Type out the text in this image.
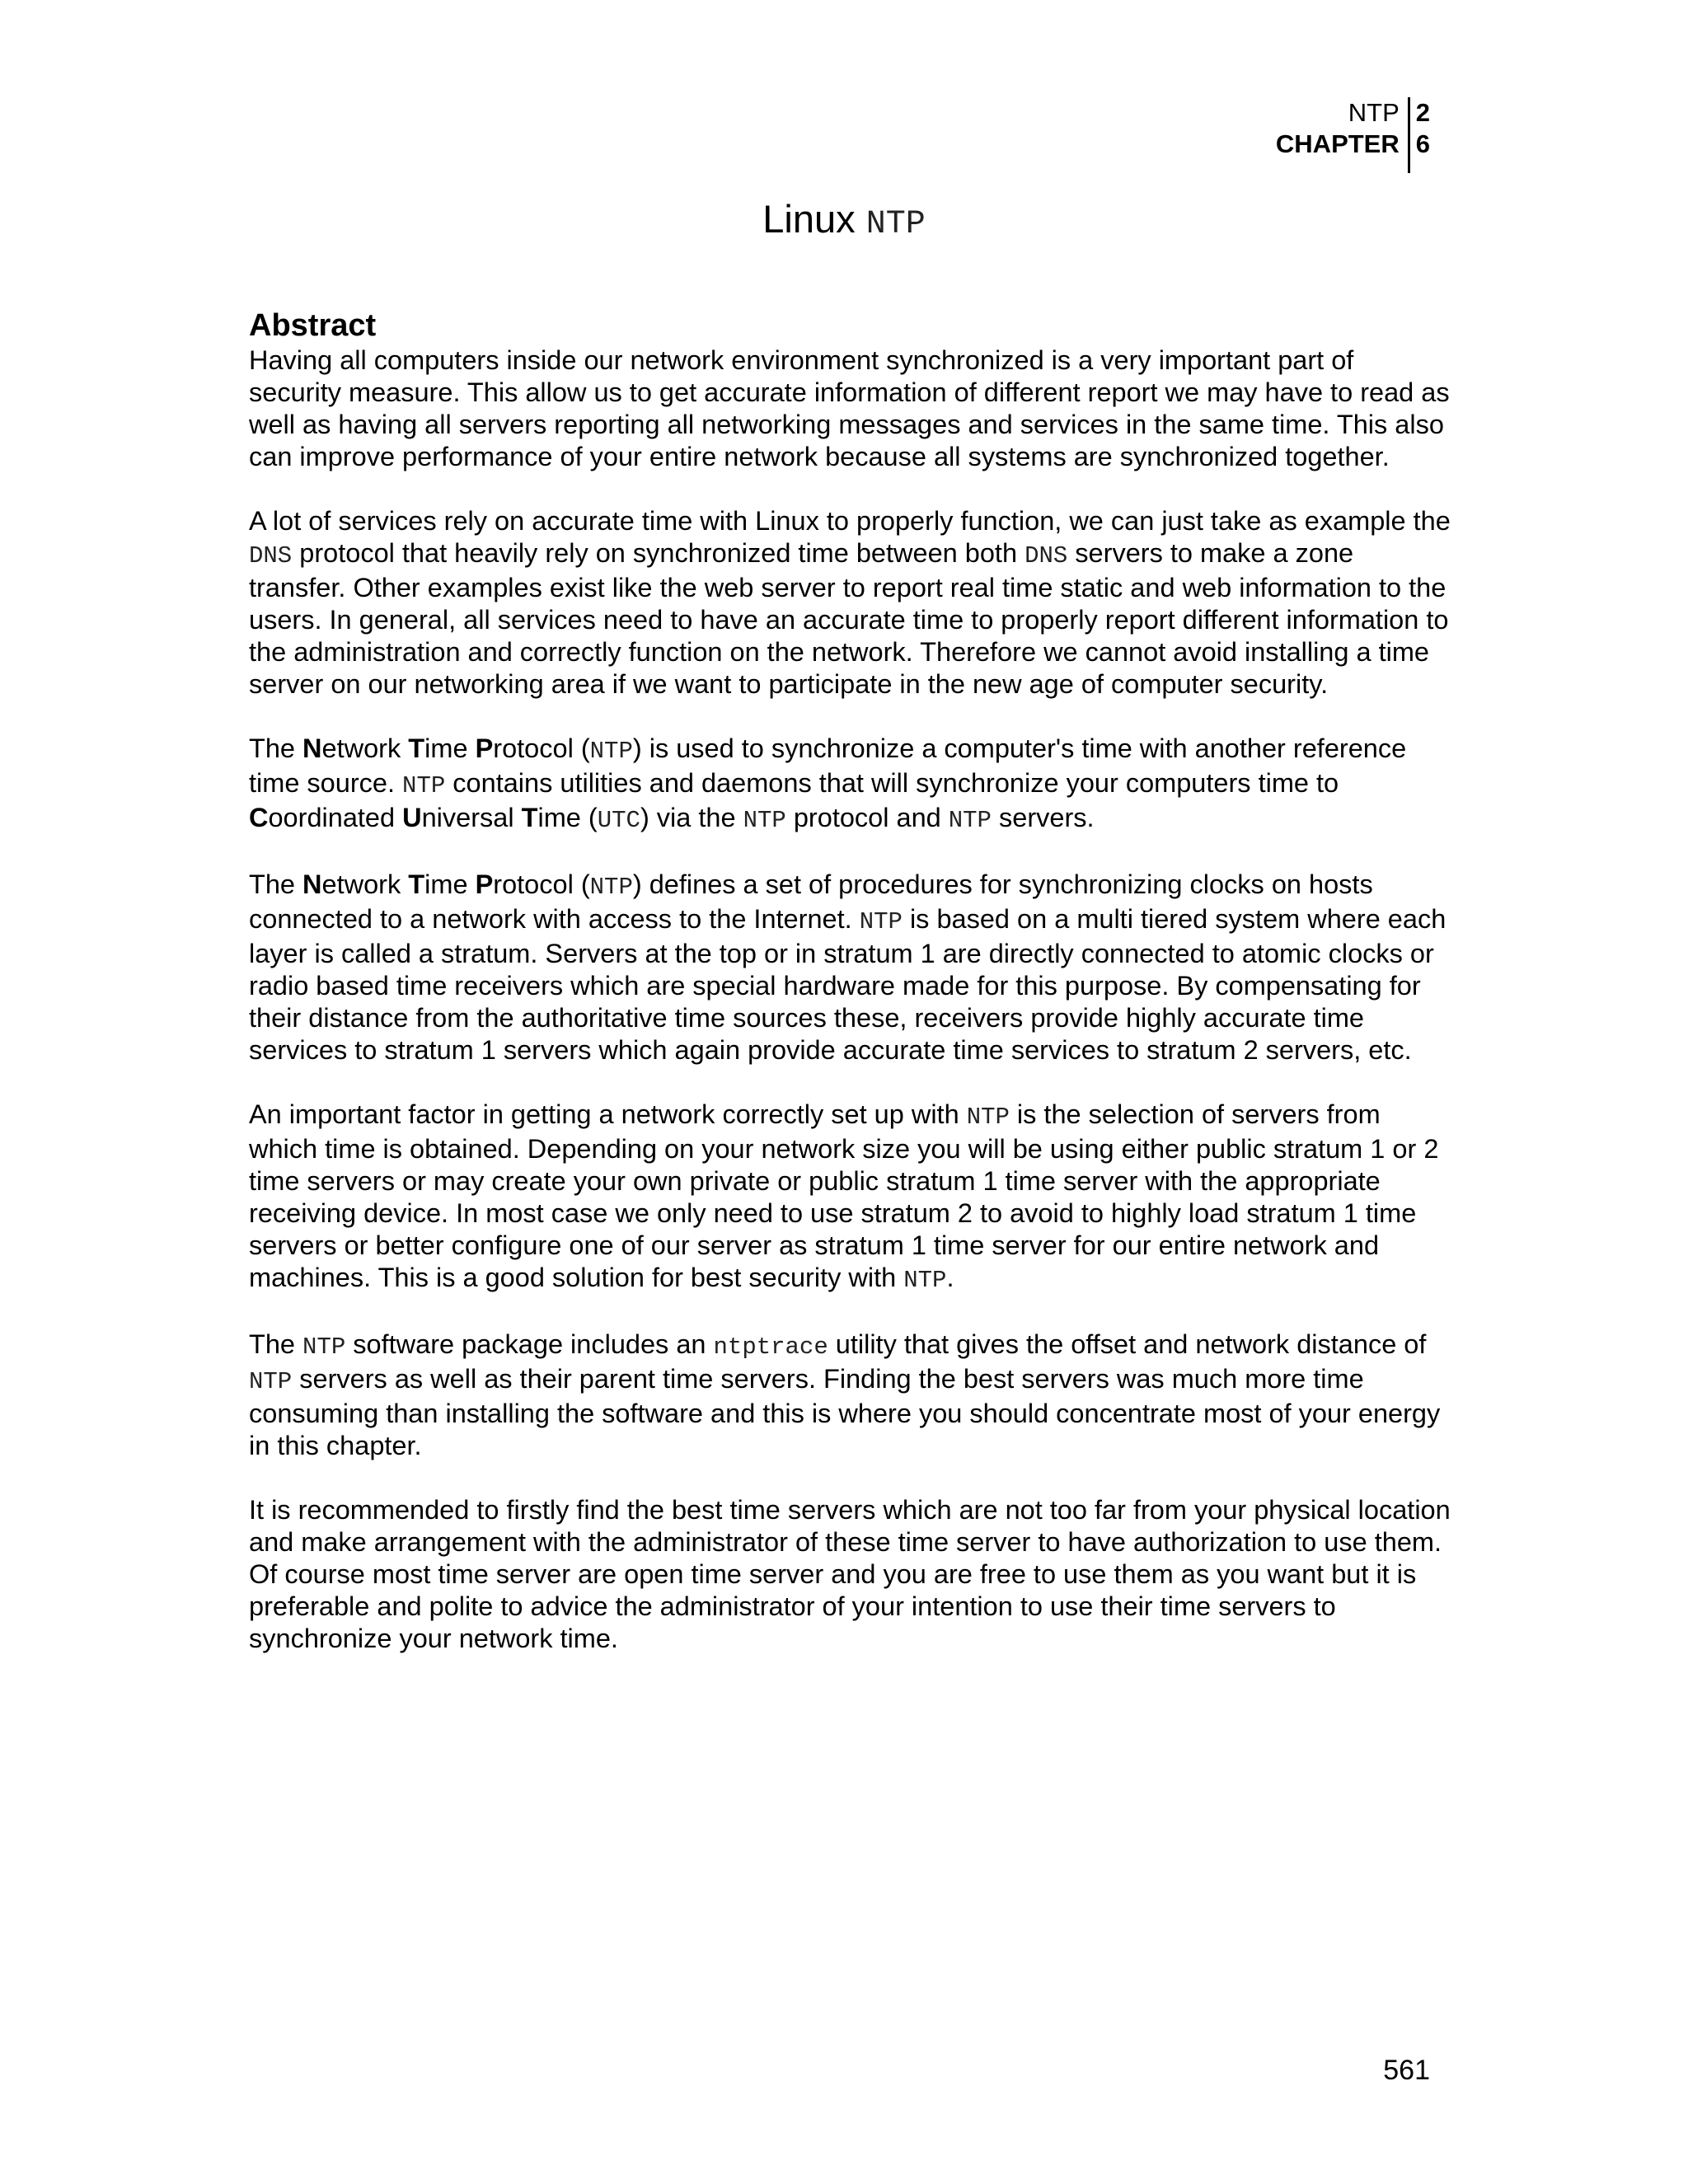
NTP
CHAPTER
2
6
Linux NTP
Abstract

Having all computers inside our network environment synchronized is a very important part of security measure. This allow us to get accurate information of different report we may have to read as well as having all servers reporting all networking messages and services in the same time. This also can improve performance of your entire network because all systems are synchronized together.

A lot of services rely on accurate time with Linux to properly function, we can just take as example the DNS protocol that heavily rely on synchronized time between both DNS servers to make a zone transfer. Other examples exist like the web server to report real time static and web information to the users. In general, all services need to have an accurate time to properly report different information to the administration and correctly function on the network. Therefore we cannot avoid installing a time server on our networking area if we want to participate in the new age of computer security.

The Network Time Protocol (NTP) is used to synchronize a computer's time with another reference time source. NTP contains utilities and daemons that will synchronize your computers time to Coordinated Universal Time (UTC) via the NTP protocol and NTP servers.

The Network Time Protocol (NTP) defines a set of procedures for synchronizing clocks on hosts connected to a network with access to the Internet. NTP is based on a multi tiered system where each layer is called a stratum. Servers at the top or in stratum 1 are directly connected to atomic clocks or radio based time receivers which are special hardware made for this purpose. By compensating for their distance from the authoritative time sources these, receivers provide highly accurate time services to stratum 1 servers which again provide accurate time services to stratum 2 servers, etc.

An important factor in getting a network correctly set up with NTP is the selection of servers from which time is obtained. Depending on your network size you will be using either public stratum 1 or 2 time servers or may create your own private or public stratum 1 time server with the appropriate receiving device. In most case we only need to use stratum 2 to avoid to highly load stratum 1 time servers or better configure one of our server as stratum 1 time server for our entire network and machines. This is a good solution for best security with NTP.

The NTP software package includes an ntptrace utility that gives the offset and network distance of NTP servers as well as their parent time servers. Finding the best servers was much more time consuming than installing the software and this is where you should concentrate most of your energy in this chapter.

It is recommended to firstly find the best time servers which are not too far from your physical location and make arrangement with the administrator of these time server to have authorization to use them. Of course most time server are open time server and you are free to use them as you want but it is preferable and polite to advice the administrator of your intention to use their time servers to synchronize your network time.

561
